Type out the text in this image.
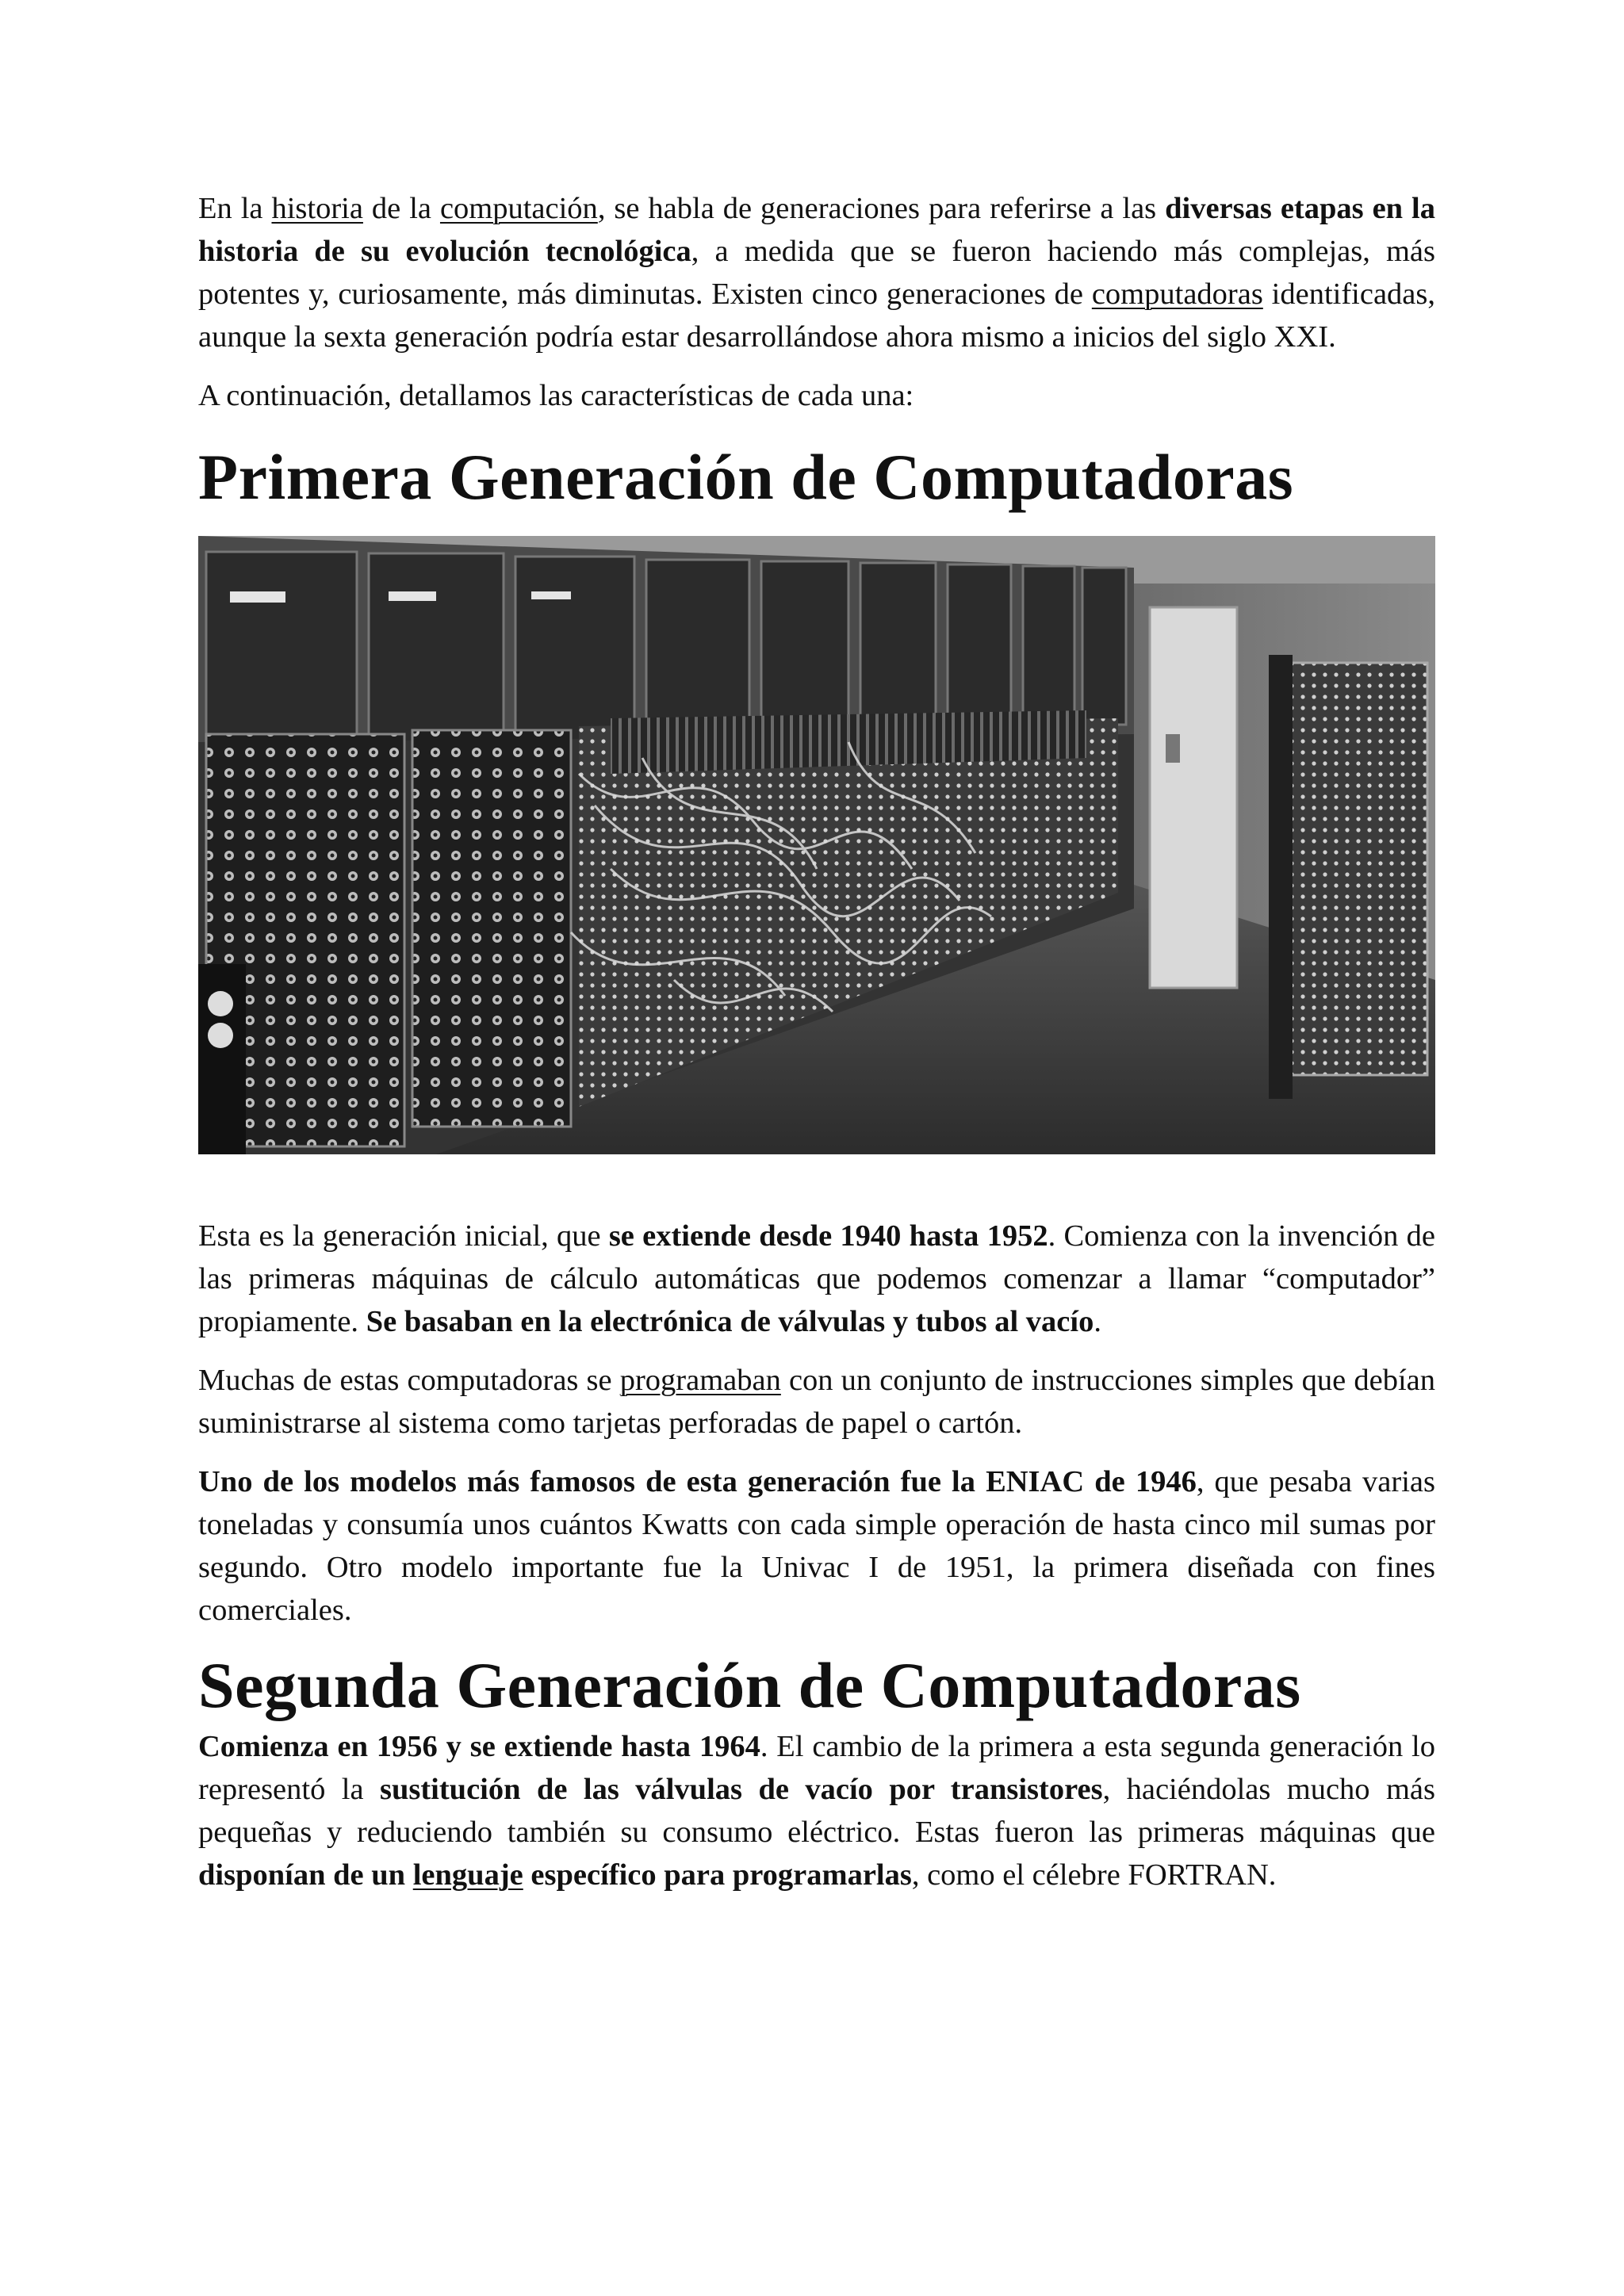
En la historia de la computación, se habla de generaciones para referirse a las diversas etapas en la historia de su evolución tecnológica, a medida que se fueron haciendo más complejas, más potentes y, curiosamente, más diminutas. Existen cinco generaciones de computadoras identificadas, aunque la sexta generación podría estar desarrollándose ahora mismo a inicios del siglo XXI.

A continuación, detallamos las características de cada una:

Primera Generación de Computadoras

Esta es la generación inicial, que se extiende desde 1940 hasta 1952. Comienza con la invención de las primeras máquinas de cálculo automáticas que podemos comenzar a llamar “computador” propiamente. Se basaban en la electrónica de válvulas y tubos al vacío.

Muchas de estas computadoras se programaban con un conjunto de instrucciones simples que debían suministrarse al sistema como tarjetas perforadas de papel o cartón.

Uno de los modelos más famosos de esta generación fue la ENIAC de 1946, que pesaba varias toneladas y consumía unos cuántos Kwatts con cada simple operación de hasta cinco mil sumas por segundo. Otro modelo importante fue la Univac I de 1951, la primera diseñada con fines comerciales.

Segunda Generación de Computadoras

Comienza en 1956 y se extiende hasta 1964. El cambio de la primera a esta segunda generación lo representó la sustitución de las válvulas de vacío por transistores, haciéndolas mucho más pequeñas y reduciendo también su consumo eléctrico. Estas fueron las primeras máquinas que disponían de un lenguaje específico para programarlas, como el célebre FORTRAN.
